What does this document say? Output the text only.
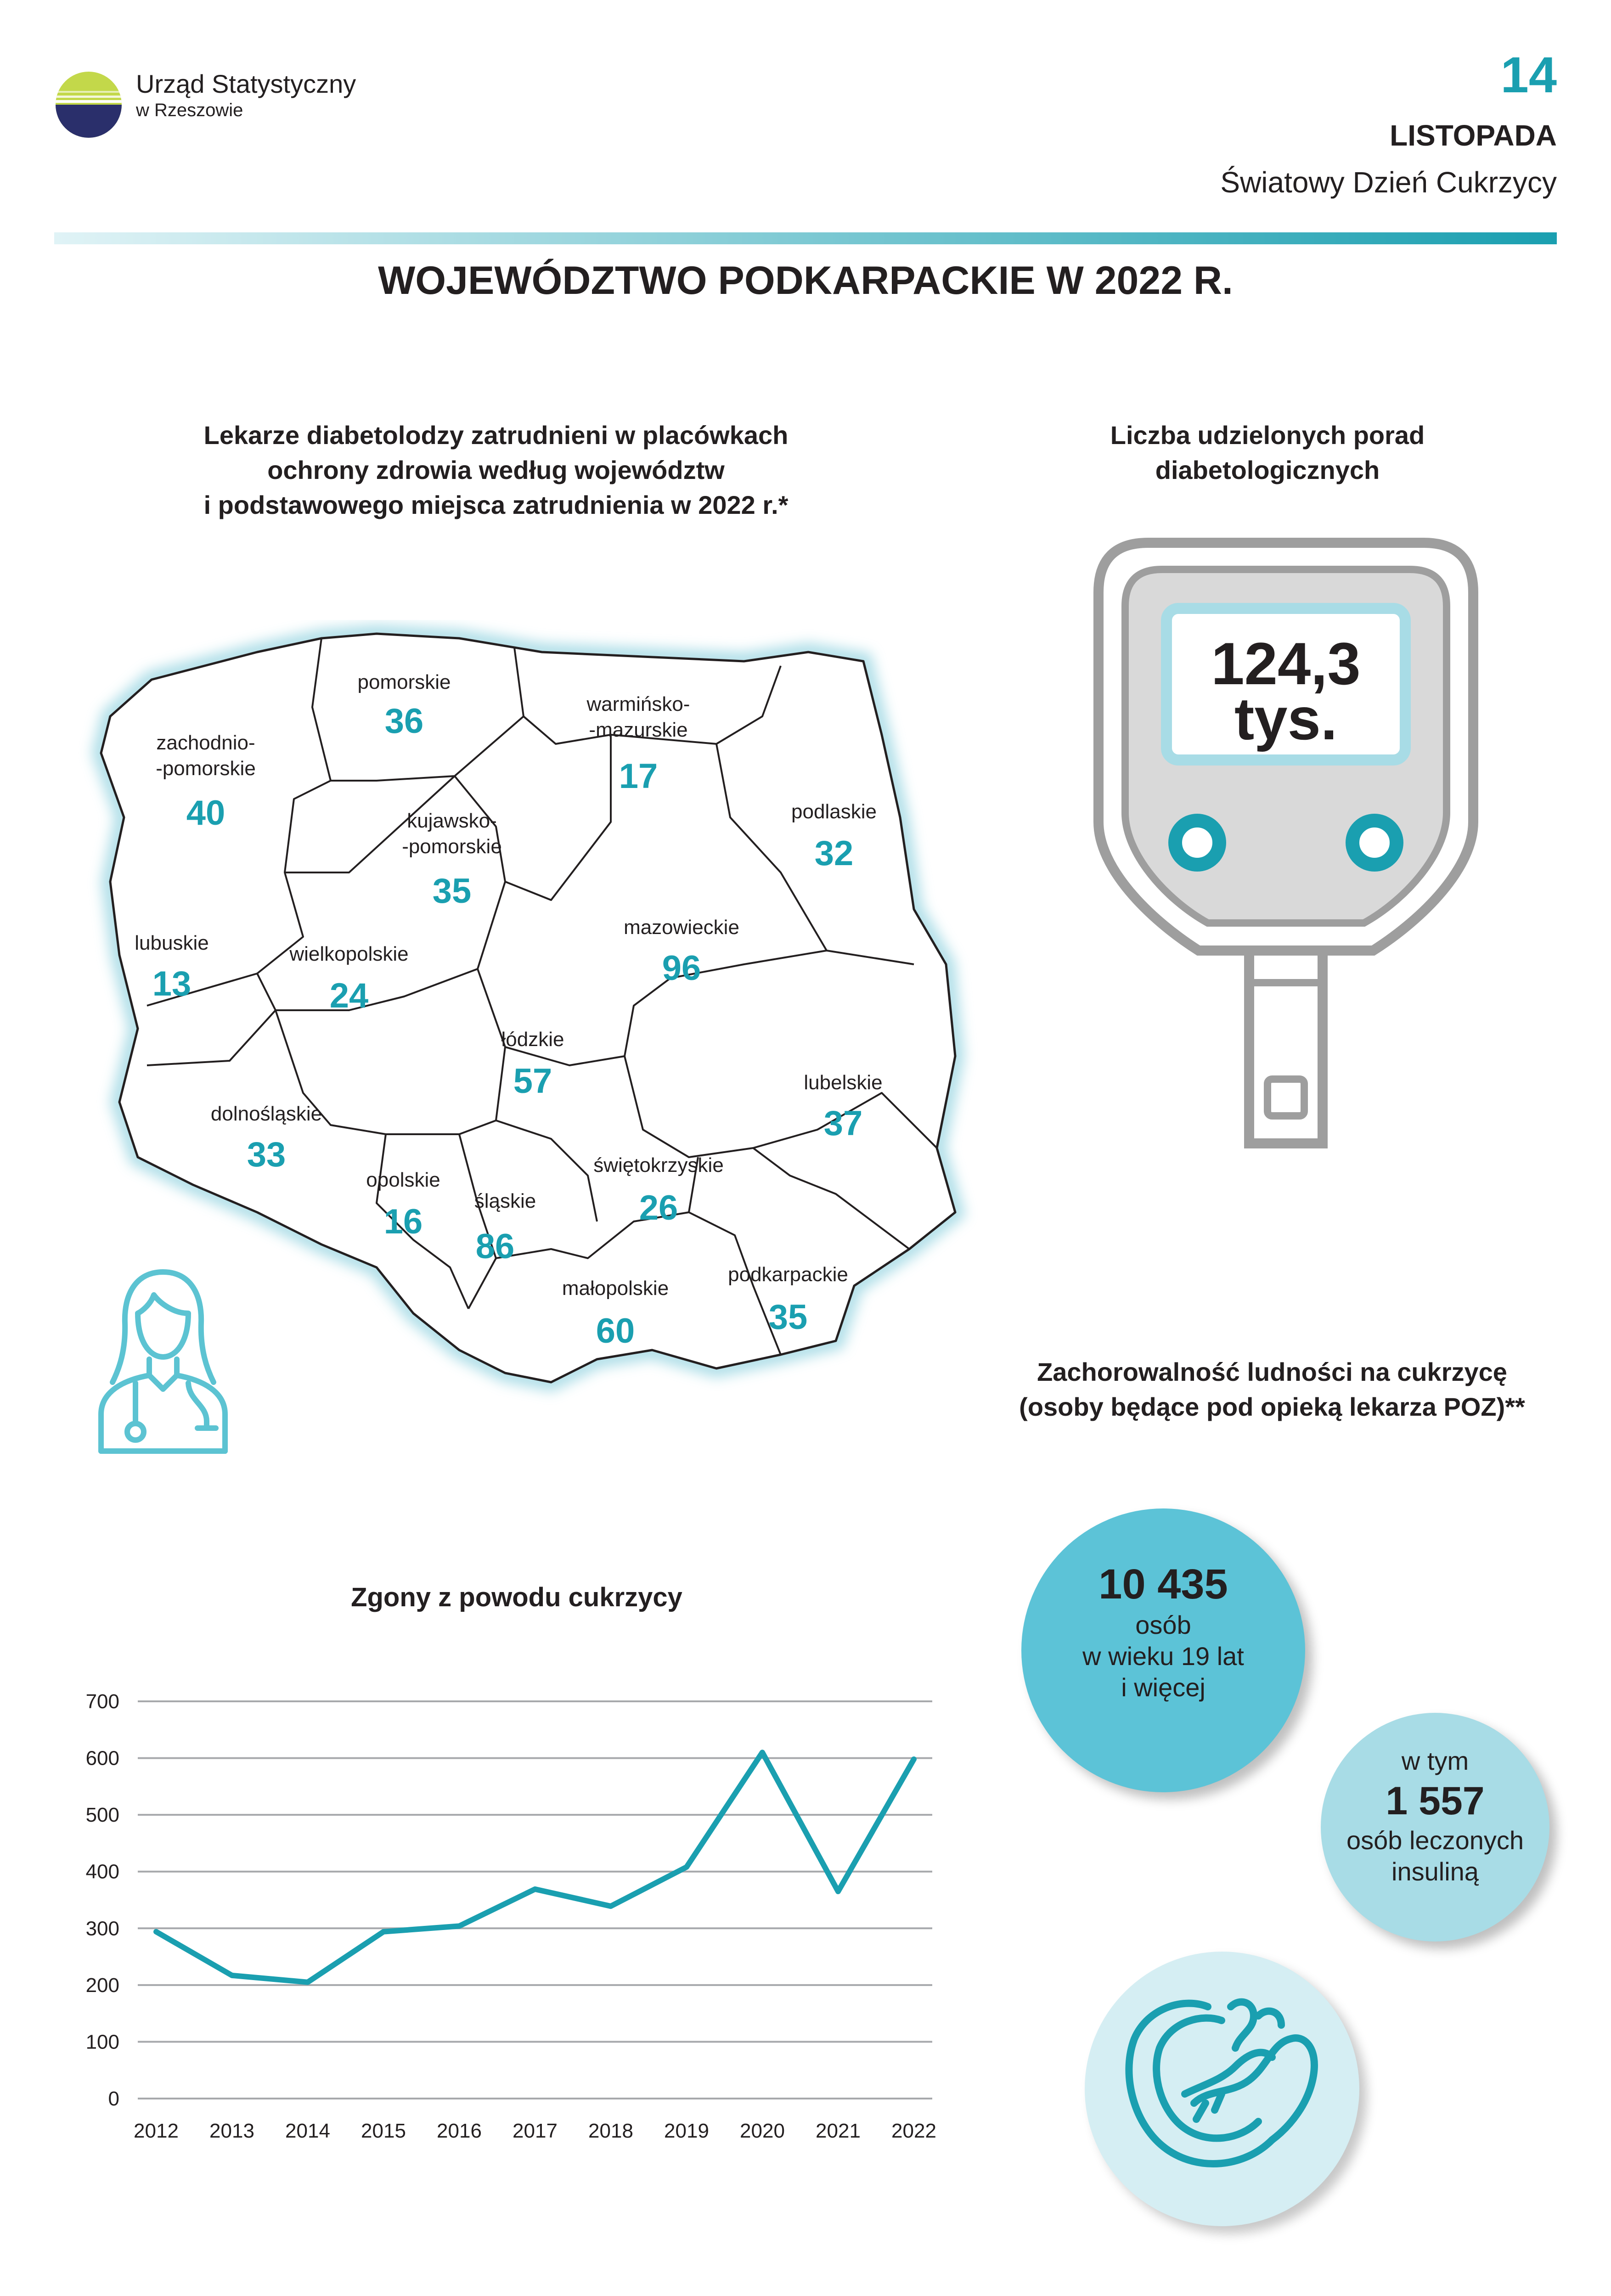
Urząd Statystyczny
w Rzeszowie
14
LISTOPADA
Światowy Dzień Cukrzycy
WOJEWÓDZTWO PODKARPACKIE W 2022 R.
Lekarze diabetolodzy zatrudnieni w placówkach
ochrony zdrowia według województw
i podstawowego miejsca zatrudnienia w 2022 r.*
pomorskie
36	warmińsko-
-mazurskie
17
zachodnio-
-pomorskie
40	podlaskie
32
kujawsko-
-pomorskie
35
mazowieckie
96
lubuskie
13
wielkopolskie
24
łódzkie
57	lubelskie
37
dolnośląskie
33
opolskie
16
śląskie
86
świętokrzyskie
26
małopolskie
60
podkarpackie
35
Liczba udzielonych porad
diabetologicznych
124,3
tys.
Zachorowalność ludności na cukrzycę
(osoby będące pod opieką lekarza POZ)**
10 435
osób
w wieku 19 lat
i więcej
w tym
1 557
osób leczonych
insuliną
Zgony z powodu cukrzycy
0
100
200
300
400
500
600
700
2012 2013 2014 2015 2016 2017 2018 2019 2020 2021 2022
